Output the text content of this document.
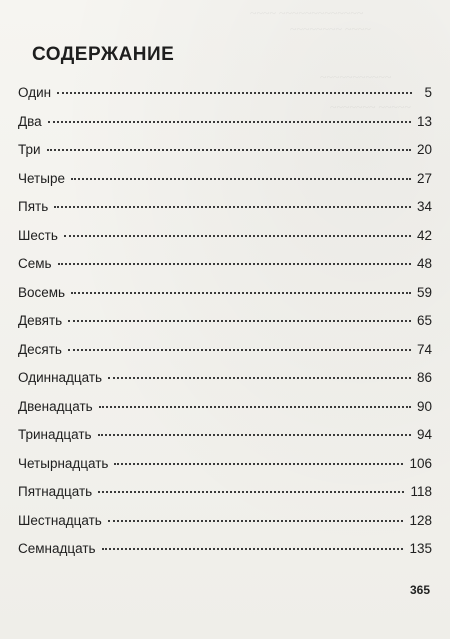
~~~~ ~~~~~~~~~~~~~
~~~~~~~~ ~~~~
~~~~~~~~~~~
~~~~~~~ ~~~~~
СОДЕРЖАНИЕ
Один	5
Два	13
Три	20
Четыре	27
Пять	34
Шесть	42
Семь	48
Восемь	59
Девять	65
Десять	74
Одиннадцать	86
Двенадцать	90
Тринадцать	94
Четырнадцать	106
Пятнадцать	118
Шестнадцать	128
Семнадцать	135
365
